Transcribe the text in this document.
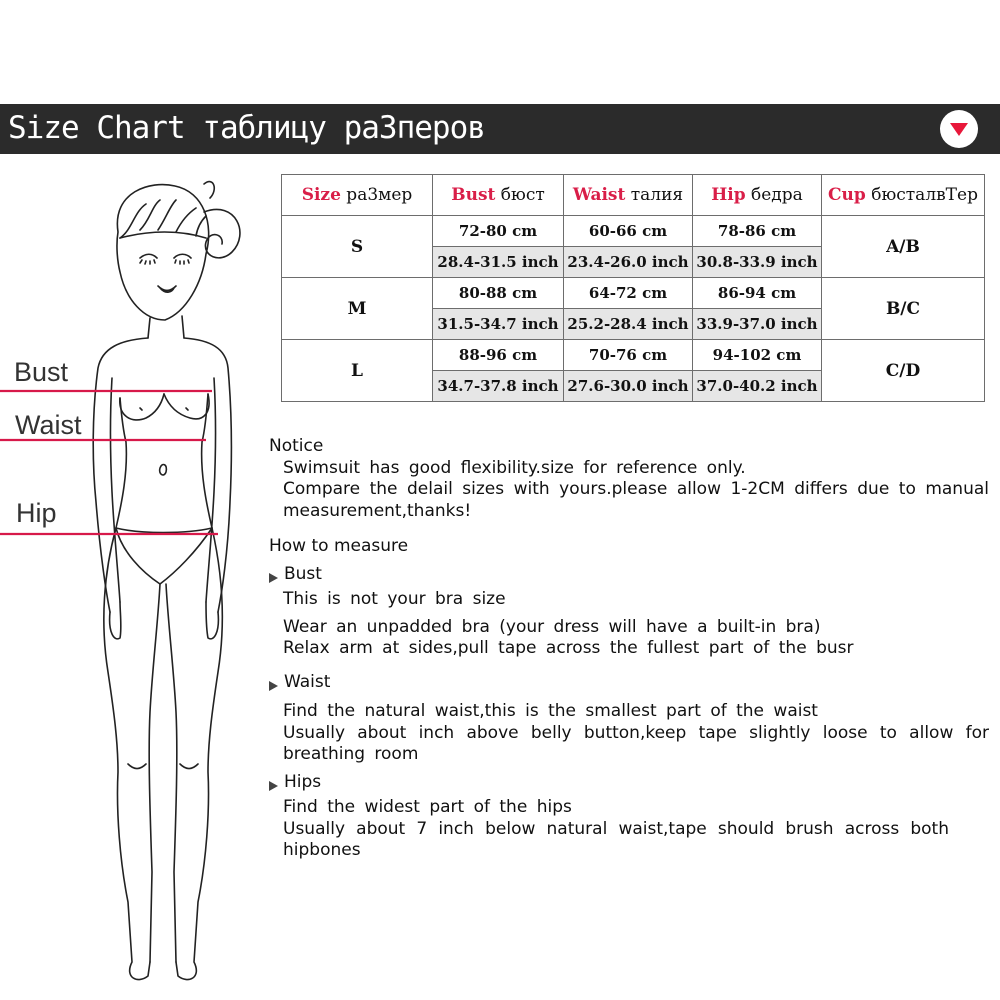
Size Chart таблицу ра3перов
Bust
Waist
Hip
Size ра3мер	Bust бюст	Waist талия	Hip бедра	Cup бюсталвТер
S	72-80 cm	60-66 cm	78-86 cm	A/B
	28.4-31.5 inch	23.4-26.0 inch	30.8-33.9 inch	
M	80-88 cm	64-72 cm	86-94 cm	B/C
	31.5-34.7 inch	25.2-28.4 inch	33.9-37.0 inch	
L	88-96 cm	70-76 cm	94-102 cm	C/D
	34.7-37.8 inch	27.6-30.0 inch	37.0-40.2 inch	

Notice

Swimsuit has good flexibility.size for reference only.

Compare the delail sizes with yours.please allow 1-2CM differs due to manual measurement,thanks!

How to measure

Bust

This is not your bra size

Wear an unpadded bra (your dress will have a built-in bra)

Relax arm at sides,pull tape across the fullest part of the busr

Waist

Find the natural waist,this is the smallest part of the waist

Usually about inch above belly button,keep tape slightly loose to allow for breathing room

Hips

Find the widest part of the hips

Usually about 7 inch below natural waist,tape should brush across both hipbones
